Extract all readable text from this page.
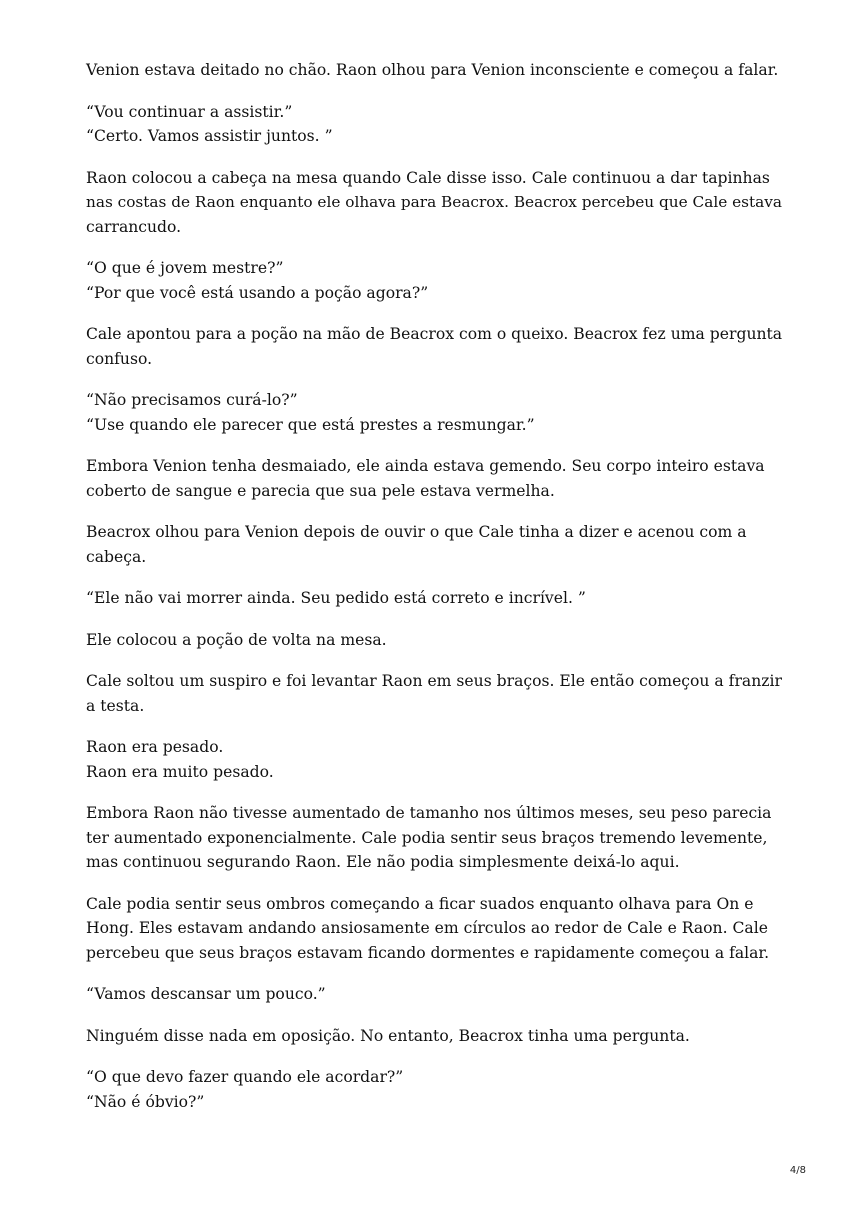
Venion estava deitado no chão. Raon olhou para Venion inconsciente e começou a falar.

“Vou continuar a assistir.”
“Certo. Vamos assistir juntos. ”

Raon colocou a cabeça na mesa quando Cale disse isso. Cale continuou a dar tapinhas
nas costas de Raon enquanto ele olhava para Beacrox. Beacrox percebeu que Cale estava
carrancudo.

“O que é jovem mestre?”
“Por que você está usando a poção agora?”

Cale apontou para a poção na mão de Beacrox com o queixo. Beacrox fez uma pergunta
confuso.

“Não precisamos curá-lo?”
“Use quando ele parecer que está prestes a resmungar.”

Embora Venion tenha desmaiado, ele ainda estava gemendo. Seu corpo inteiro estava
coberto de sangue e parecia que sua pele estava vermelha.

Beacrox olhou para Venion depois de ouvir o que Cale tinha a dizer e acenou com a
cabeça.

“Ele não vai morrer ainda. Seu pedido está correto e incrível. ”

Ele colocou a poção de volta na mesa.

Cale soltou um suspiro e foi levantar Raon em seus braços. Ele então começou a franzir
a testa.

Raon era pesado.
Raon era muito pesado.

Embora Raon não tivesse aumentado de tamanho nos últimos meses, seu peso parecia
ter aumentado exponencialmente. Cale podia sentir seus braços tremendo levemente,
mas continuou segurando Raon. Ele não podia simplesmente deixá-lo aqui.

Cale podia sentir seus ombros começando a ficar suados enquanto olhava para On e
Hong. Eles estavam andando ansiosamente em círculos ao redor de Cale e Raon. Cale
percebeu que seus braços estavam ficando dormentes e rapidamente começou a falar.

“Vamos descansar um pouco.”

Ninguém disse nada em oposição. No entanto, Beacrox tinha uma pergunta.

“O que devo fazer quando ele acordar?”
“Não é óbvio?”

4/8
